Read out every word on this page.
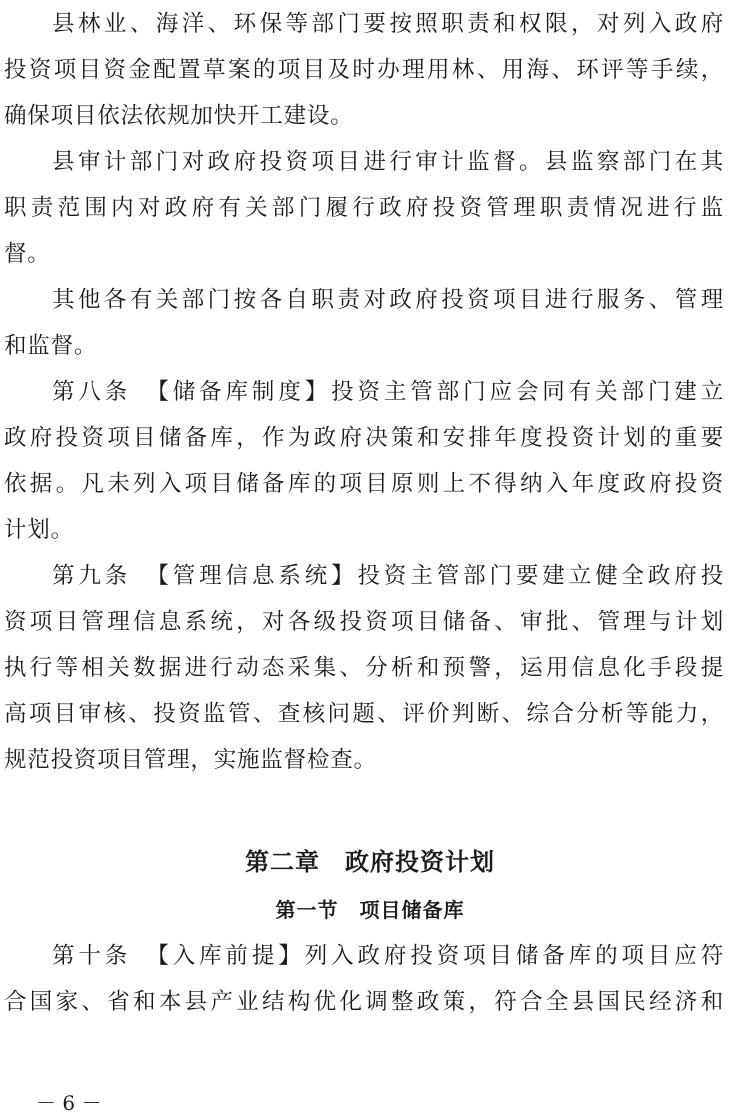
县林业、海洋、环保等部门要按照职责和权限，对列入政府
投资项目资金配置草案的项目及时办理用林、用海、环评等手续，
确保项目依法依规加快开工建设。
县审计部门对政府投资项目进行审计监督。县监察部门在其
职责范围内对政府有关部门履行政府投资管理职责情况进行监
督。
其他各有关部门按各自职责对政府投资项目进行服务、管理
和监督。
第八条　【储备库制度】投资主管部门应会同有关部门建立
政府投资项目储备库，作为政府决策和安排年度投资计划的重要
依据。凡未列入项目储备库的项目原则上不得纳入年度政府投资
计划。
第九条　【管理信息系统】投资主管部门要建立健全政府投
资项目管理信息系统，对各级投资项目储备、审批、管理与计划
执行等相关数据进行动态采集、分析和预警，运用信息化手段提
高项目审核、投资监管、查核问题、评价判断、综合分析等能力，
规范投资项目管理，实施监督检查。
第二章　政府投资计划
第一节　项目储备库
第十条　【入库前提】列入政府投资项目储备库的项目应符
合国家、省和本县产业结构优化调整政策，符合全县国民经济和
－ 6 －
